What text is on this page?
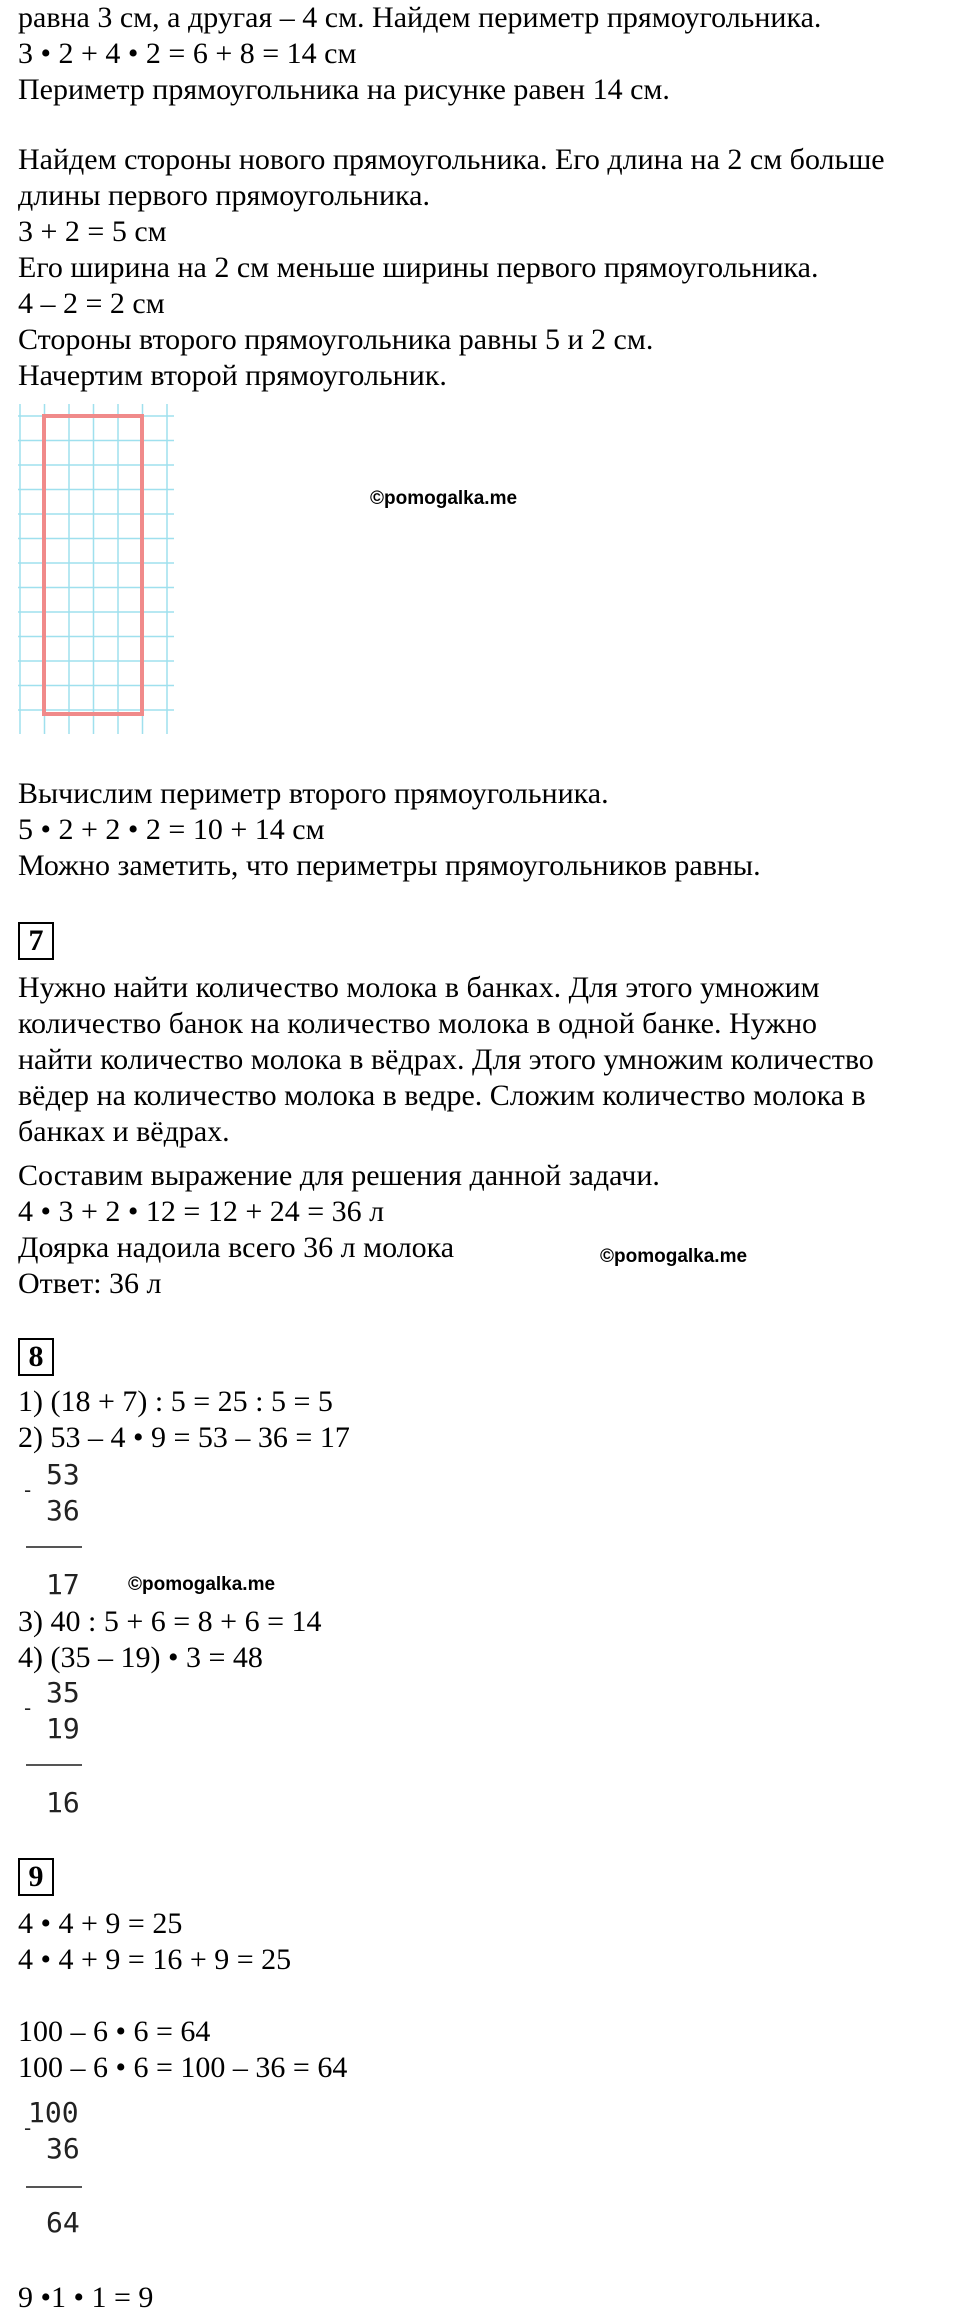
равна 3 см, а другая – 4 см. Найдем периметр прямоугольника.
3 • 2 + 4 • 2 = 6 + 8 = 14 см
Периметр прямоугольника на рисунке равен 14 см.
Найдем стороны нового прямоугольника. Его длина на 2 см больше
длины первого прямоугольника.
3 + 2 = 5 см
Его ширина на 2 см меньше ширины первого прямоугольника.
4 – 2 = 2 см
Стороны второго прямоугольника равны 5 и 2 см.
Начертим второй прямоугольник.
©pomogalka.me
Вычислим периметр второго прямоугольника.
5 • 2 + 2 • 2 = 10 + 14 см
Можно заметить, что периметры прямоугольников равны.
7
Нужно найти количество молока в банках. Для этого умножим
количество банок на количество молока в одной банке. Нужно
найти количество молока в вёдрах. Для этого умножим количество
вёдер на количество молока в ведре. Сложим количество молока в
банках и вёдрах.
Составим выражение для решения данной задачи.
4 • 3 + 2 • 12 = 12 + 24 = 36 л
Доярка надоила всего 36 л молока
Ответ: 36 л
©pomogalka.me
8
1) (18 + 7) : 5 = 25 : 5 = 5
2) 53 – 4 • 9 = 53 – 36 = 17
- 53
36
17	©pomogalka.me
3) 40 : 5 + 6 = 8 + 6 = 14
4) (35 – 19) • 3 = 48
- 35
19
16
9
4 • 4 + 9 = 25
4 • 4 + 9 = 16 + 9 = 25
100 – 6 • 6 = 64
100 – 6 • 6 = 100 – 36 = 64
-
100
36
64
9 •1 • 1 = 9
